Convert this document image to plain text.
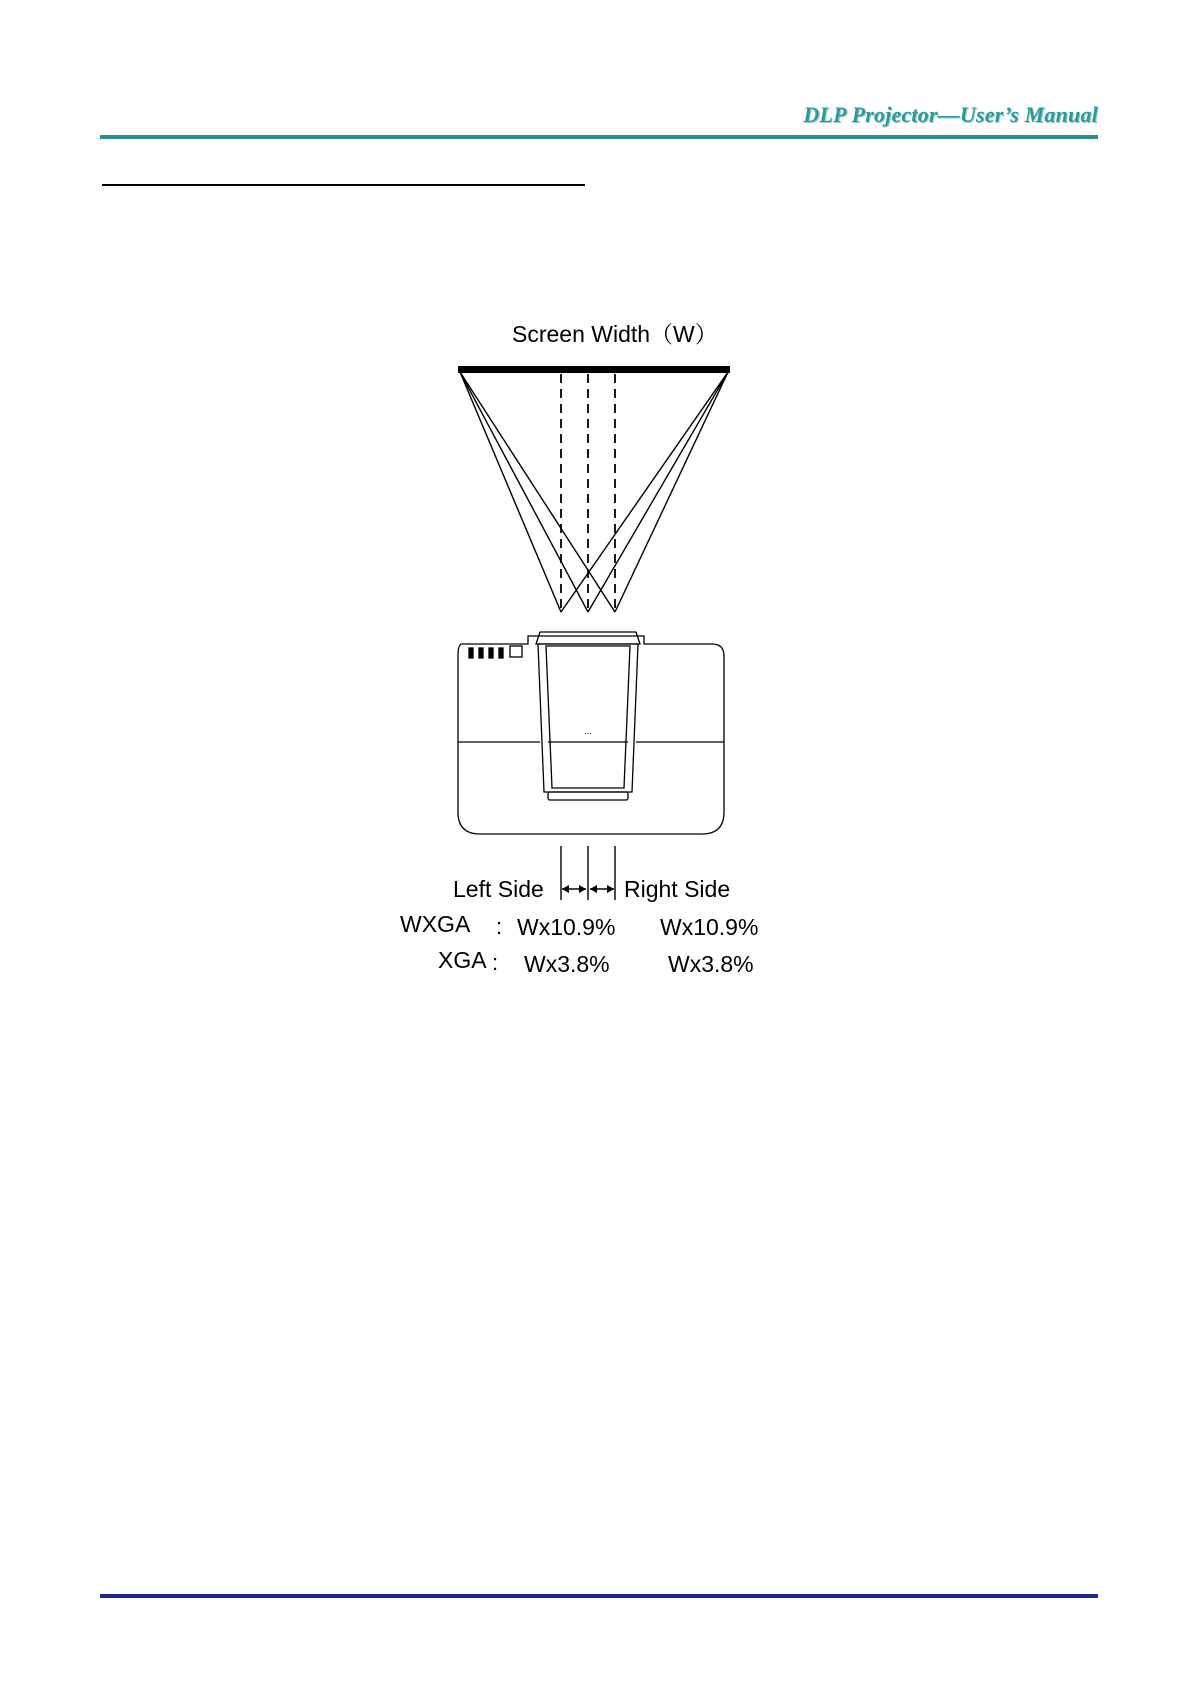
DLP Projector—User’s Manual
Screen Width（W）
...
Left Side	Right Side
WXGA : Wx10.9% Wx10.9%
XGA : Wx3.8%	Wx3.8%
